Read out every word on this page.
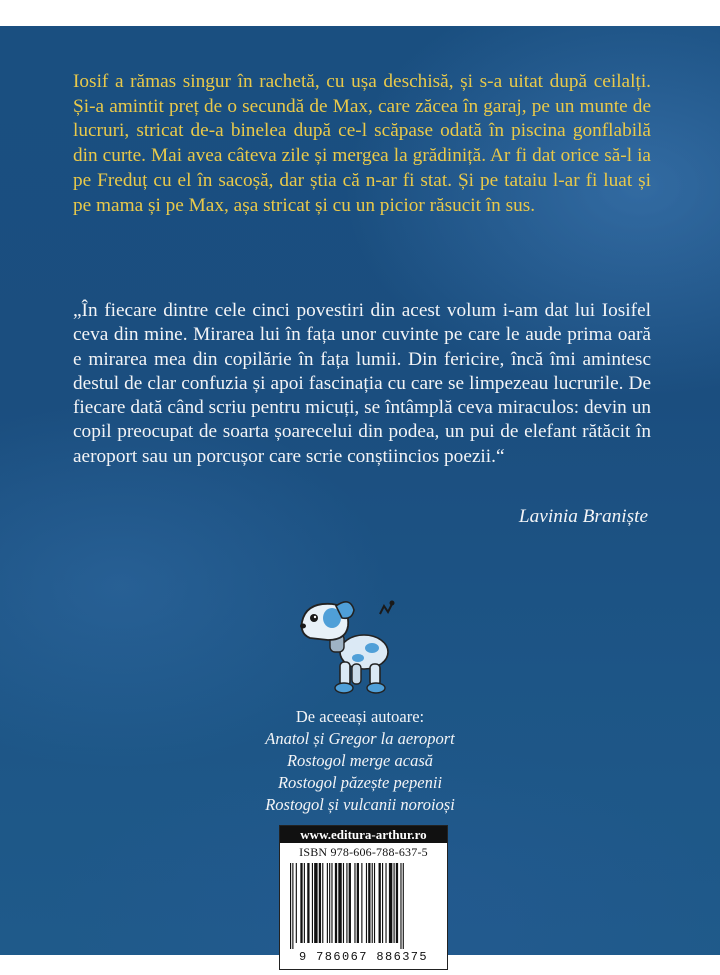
Iosif a rămas singur în rachetă, cu ușa deschisă, și s-a uitat după ceilalți. Și-a amintit preț de o secundă de Max, care zăcea în garaj, pe un munte de lucruri, stricat de-a binelea după ce-l scăpase odată în piscina gonflabilă din curte. Mai avea câteva zile și mergea la grădiniță. Ar fi dat orice să-l ia pe Freduț cu el în sacoșă, dar știa că n-ar fi stat. Și pe tataiu l-ar fi luat și pe mama și pe Max, așa stricat și cu un picior răsucit în sus.

„În fiecare dintre cele cinci povestiri din acest volum i-am dat lui Iosifel ceva din mine. Mirarea lui în fața unor cuvinte pe care le aude prima oară e mirarea mea din copilărie în fața lumii. Din fericire, încă îmi amintesc destul de clar confuzia și apoi fascinația cu care se limpezeau lucrurile. De fiecare dată când scriu pentru micuți, se întâmplă ceva miraculos: devin un copil preocupat de soarta șoarecelui din podea, un pui de elefant rătăcit în aeroport sau un porcușor care scrie conștiincios poezii.“

Lavinia Braniște

De aceeași autoare:
Anatol și Gregor la aeroport
Rostogol merge acasă
Rostogol păzește pepenii
Rostogol și vulcanii noroioși
www.editura-arthur.ro
ISBN 978-606-788-637-5
9 786067 886375
